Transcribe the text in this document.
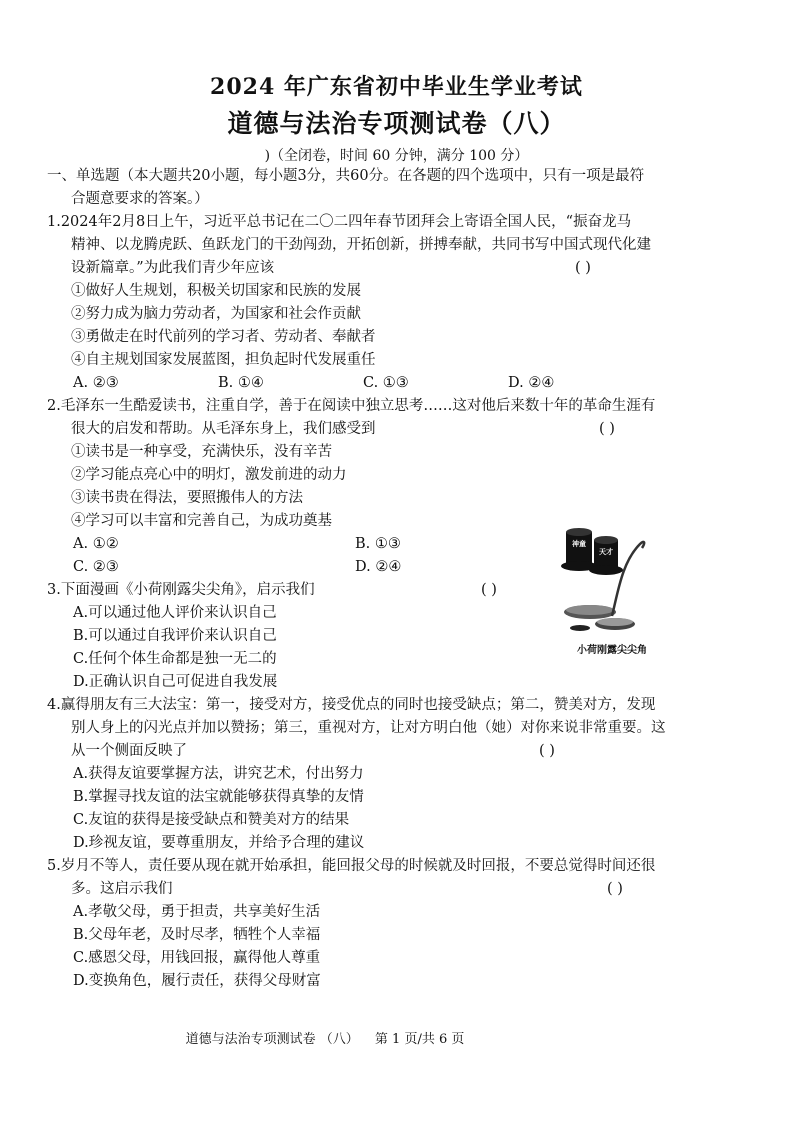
2024 年广东省初中毕业生学业考试
道德与法治专项测试卷（八）
)（全闭卷，时间 60 分钟，满分 100 分）
一、单选题（本大题共20小题，每小题3分，共60分。在各题的四个选项中，只有一项是最符
合题意要求的答案。）
1.2024年2月8日上午，习近平总书记在二〇二四年春节团拜会上寄语全国人民，“振奋龙马
精神、以龙腾虎跃、鱼跃龙门的干劲闯劲，开拓创新，拼搏奉献，共同书写中国式现代化建
设新篇章。”为此我们青少年应该	( )
①做好人生规划，积极关切国家和民族的发展
②努力成为脑力劳动者，为国家和社会作贡献
③勇做走在时代前列的学习者、劳动者、奉献者
④自主规划国家发展蓝图，担负起时代发展重任
A. ②③	B. ①④	C. ①③	D. ②④
2.毛泽东一生酷爱读书，注重自学，善于在阅读中独立思考……这对他后来数十年的革命生涯有
很大的启发和帮助。从毛泽东身上，我们感受到	( )
①读书是一种享受，充满快乐，没有辛苦
②学习能点亮心中的明灯，激发前进的动力
③读书贵在得法，要照搬伟人的方法
④学习可以丰富和完善自己，为成功奠基
A. ①②	B. ①③
C. ②③	D. ②④
3.下面漫画《小荷刚露尖尖角》，启示我们	( )
A.可以通过他人评价来认识自己
B.可以通过自我评价来认识自己
C.任何个体生命都是独一无二的
D.正确认识自己可促进自我发展
4.赢得朋友有三大法宝：第一，接受对方，接受优点的同时也接受缺点；第二，赞美对方，发现
别人身上的闪光点并加以赞扬；第三，重视对方，让对方明白他（她）对你来说非常重要。这
从一个侧面反映了	( )
A.获得友谊要掌握方法，讲究艺术，付出努力
B.掌握寻找友谊的法宝就能够获得真挚的友情
C.友谊的获得是接受缺点和赞美对方的结果
D.珍视友谊，要尊重朋友，并给予合理的建议
5.岁月不等人，责任要从现在就开始承担，能回报父母的时候就及时回报，不要总觉得时间还很
多。这启示我们	( )
A.孝敬父母，勇于担责，共享美好生活
B.父母年老，及时尽孝，牺牲个人幸福
C.感恩父母，用钱回报，赢得他人尊重
D.变换角色，履行责任，获得父母财富
神童
天才
小荷刚露尖尖角
道德与法治专项测试卷 （八） 第 1 页/共 6 页
